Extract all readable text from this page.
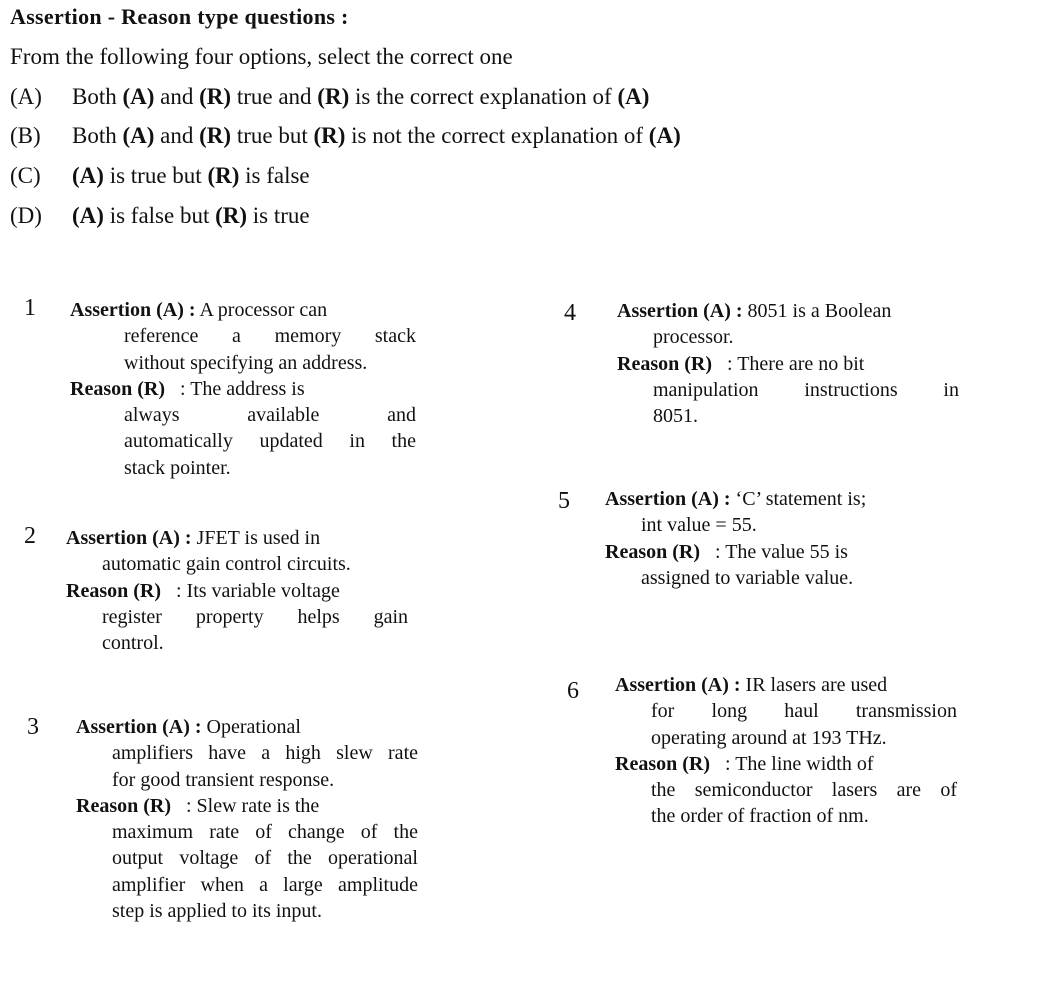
Assertion - Reason type questions :
From the following four options, select the correct one
(A) Both (A) and (R) true and (R) is the correct explanation of (A)
(B) Both (A) and (R) true but (R) is not the correct explanation of (A)
(C) (A) is true but (R) is false
(D) (A) is false but (R) is true
1 Assertion (A) : A processor can
reference a memory stack
without specifying an address.
Reason (R) : The address is
always available and
automatically updated in the
stack pointer.
2 Assertion (A) : JFET is used in
automatic gain control circuits.
Reason (R) : Its variable voltage
register property helps gain
control.
3 Assertion (A) : Operational
amplifiers have a high slew rate
for good transient response.
Reason (R) : Slew rate is the
maximum rate of change of the
output voltage of the operational
amplifier when a large amplitude
step is applied to its input.
4 Assertion (A) : 8051 is a Boolean
processor.
Reason (R) : There are no bit
manipulation instructions in
8051.
5 Assertion (A) : ‘C’ statement is;
int value = 55.
Reason (R) : The value 55 is
assigned to variable value.
6 Assertion (A) : IR lasers are used
for long haul transmission
operating around at 193 THz.
Reason (R) : The line width of
the semiconductor lasers are of
the order of fraction of nm.
